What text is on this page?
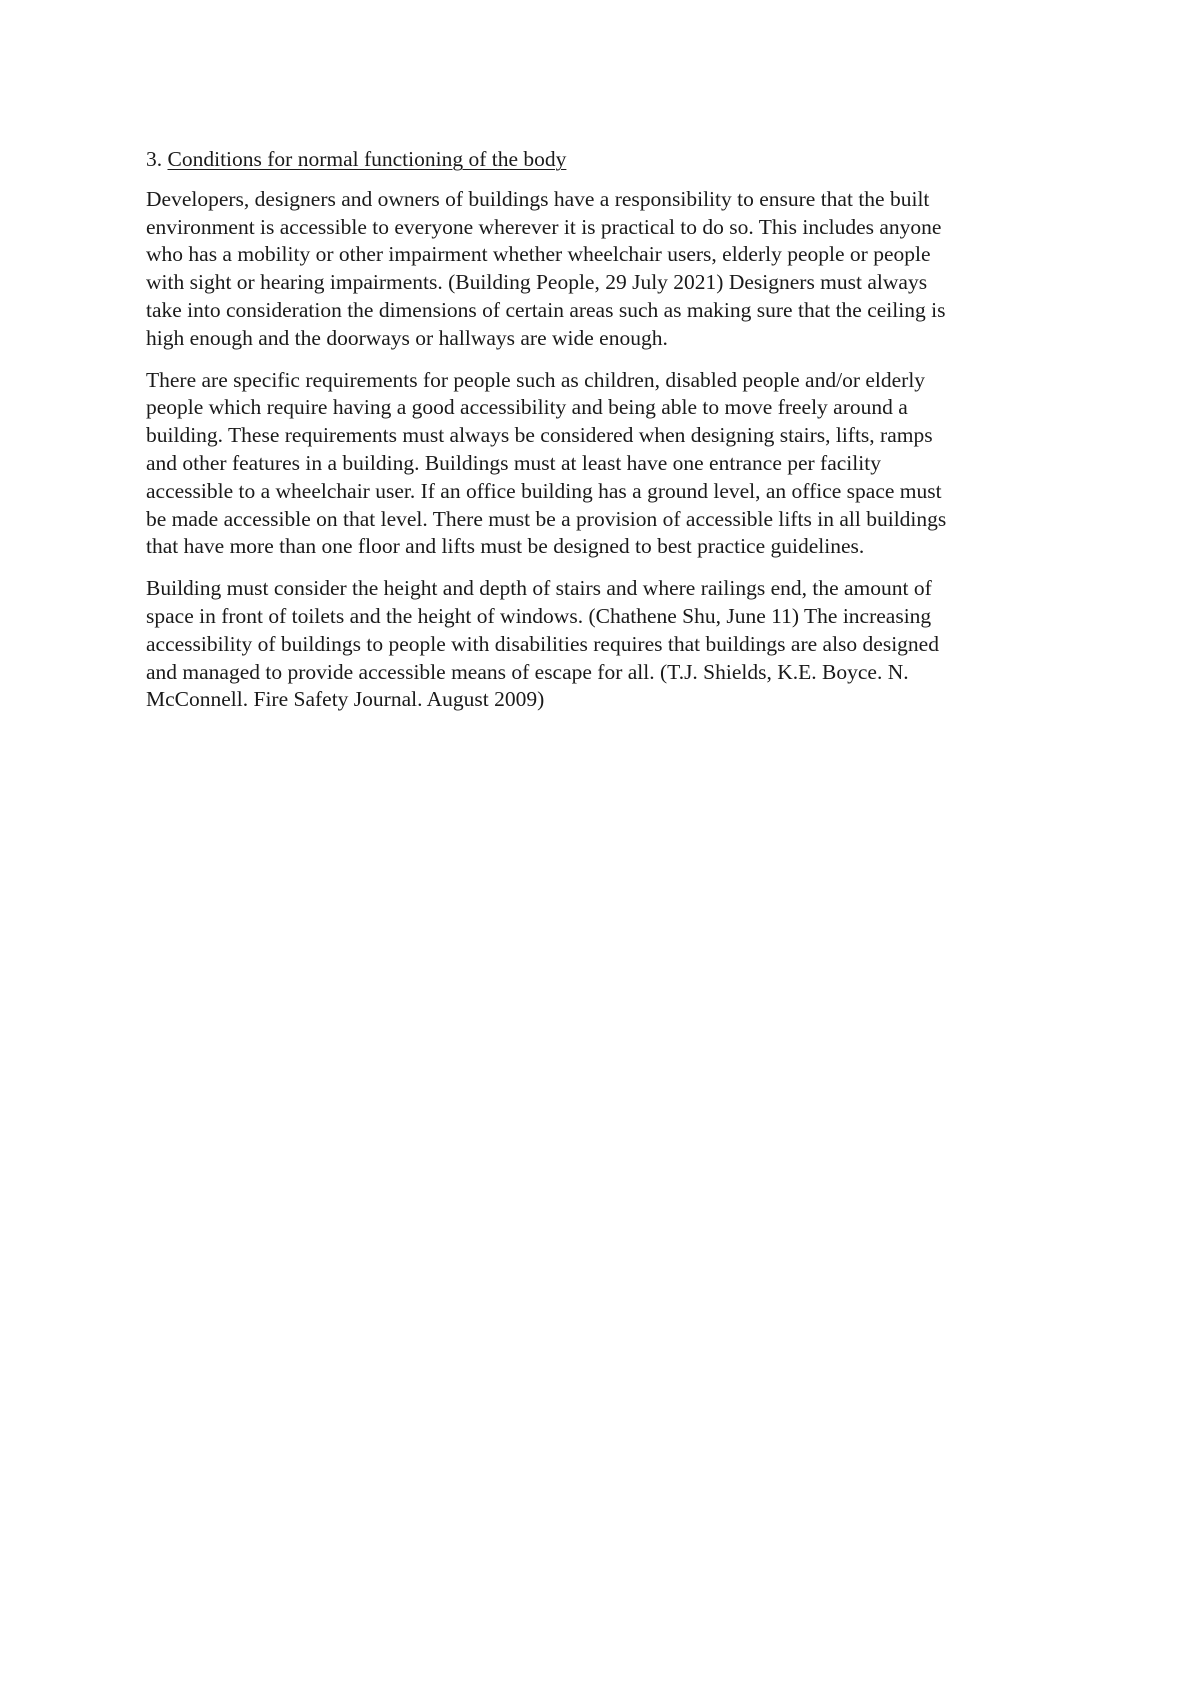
3. Conditions for normal functioning of the body

Developers, designers and owners of buildings have a responsibility to ensure that the built
environment is accessible to everyone wherever it is practical to do so. This includes anyone
who has a mobility or other impairment whether wheelchair users, elderly people or people
with sight or hearing impairments. (Building People, 29 July 2021) Designers must always
take into consideration the dimensions of certain areas such as making sure that the ceiling is
high enough and the doorways or hallways are wide enough.

There are specific requirements for people such as children, disabled people and/or elderly
people which require having a good accessibility and being able to move freely around a
building. These requirements must always be considered when designing stairs, lifts, ramps
and other features in a building. Buildings must at least have one entrance per facility
accessible to a wheelchair user. If an office building has a ground level, an office space must
be made accessible on that level. There must be a provision of accessible lifts in all buildings
that have more than one floor and lifts must be designed to best practice guidelines.

Building must consider the height and depth of stairs and where railings end, the amount of
space in front of toilets and the height of windows. (Chathene Shu, June 11) The increasing
accessibility of buildings to people with disabilities requires that buildings are also designed
and managed to provide accessible means of escape for all. (T.J. Shields, K.E. Boyce. N.
McConnell. Fire Safety Journal. August 2009)
